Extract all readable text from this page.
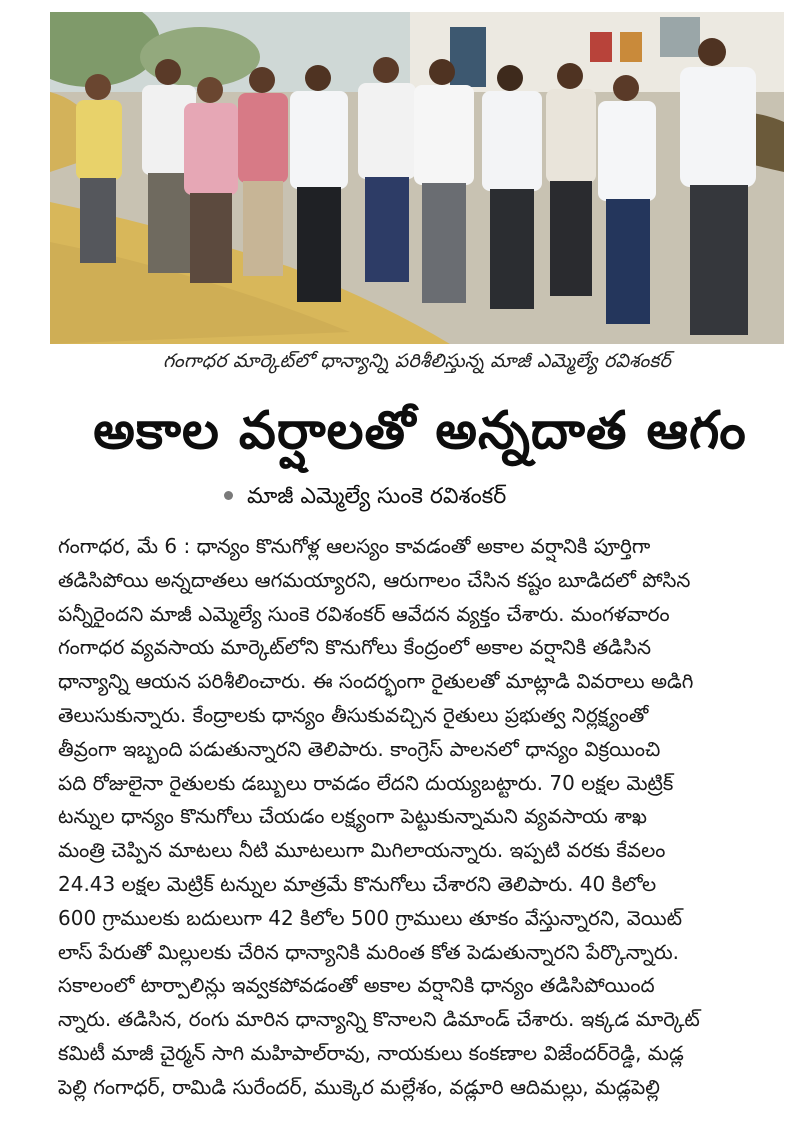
గంగాధర మార్కెట్‌లో ధాన్యాన్ని పరిశీలిస్తున్న మాజీ ఎమ్మెల్యే రవిశంకర్
అకాల వర్షాలతో అన్నదాత ఆగం
మాజీ ఎమ్మెల్యే సుంకె రవిశంకర్
గంగాధర, మే 6 : ధాన్యం కొనుగోళ్ల ఆలస్యం కావడంతో అకాల వర్షానికి పూర్తిగా
తడిసిపోయి అన్నదాతలు ఆగమయ్యారని, ఆరుగాలం చేసిన కష్టం బూడిదలో పోసిన
పన్నీరైందని మాజీ ఎమ్మెల్యే సుంకె రవిశంకర్ ఆవేదన వ్యక్తం చేశారు. మంగళవారం
గంగాధర వ్యవసాయ మార్కెట్‌లోని కొనుగోలు కేంద్రంలో అకాల వర్షానికి తడిసిన
ధాన్యాన్ని ఆయన పరిశీలించారు. ఈ సందర్భంగా రైతులతో మాట్లాడి వివరాలు అడిగి
తెలుసుకున్నారు. కేంద్రాలకు ధాన్యం తీసుకువచ్చిన రైతులు ప్రభుత్వ నిర్లక్ష్యంతో
తీవ్రంగా ఇబ్బంది పడుతున్నారని తెలిపారు. కాంగ్రెస్ పాలనలో ధాన్యం విక్రయించి
పది రోజులైనా రైతులకు డబ్బులు రావడం లేదని దుయ్యబట్టారు. 70 లక్షల మెట్రిక్
టన్నుల ధాన్యం కొనుగోలు చేయడం లక్ష్యంగా పెట్టుకున్నామని వ్యవసాయ శాఖ
మంత్రి చెప్పిన మాటలు నీటి మూటలుగా మిగిలాయన్నారు. ఇప్పటి వరకు కేవలం
24.43 లక్షల మెట్రిక్ టన్నుల మాత్రమే కొనుగోలు చేశారని తెలిపారు. 40 కిలోల
600 గ్రాములకు బదులుగా 42 కిలోల 500 గ్రాములు తూకం వేస్తున్నారని, వెయిట్
లాస్ పేరుతో మిల్లులకు చేరిన ధాన్యానికి మరింత కోత పెడుతున్నారని పేర్కొన్నారు.
సకాలంలో టార్పాలిన్లు ఇవ్వకపోవడంతో అకాల వర్షానికి ధాన్యం తడిసిపోయింద
న్నారు. తడిసిన, రంగు మారిన ధాన్యాన్ని కొనాలని డిమాండ్ చేశారు. ఇక్కడ మార్కెట్
కమిటీ మాజీ చైర్మన్ సాగి మహిపాల్‌రావు, నాయకులు కంకణాల విజేందర్‌రెడ్డి, మడ్ల
పెల్లి గంగాధర్, రామిడి సురేందర్, ముక్కెర మల్లేశం, వడ్లూరి ఆదిమల్లు, మడ్లపెల్లి
